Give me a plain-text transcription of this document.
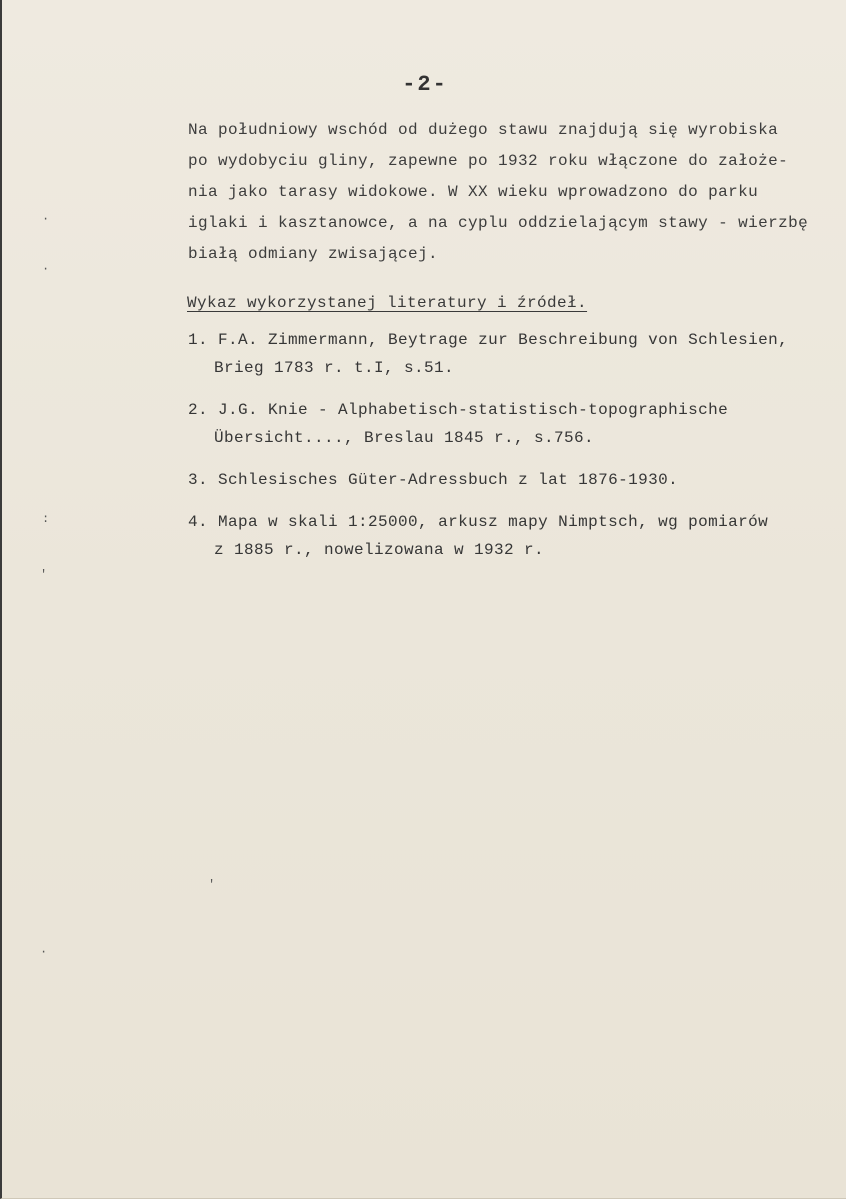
-2-
Na południowy wschód od dużego stawu znajdują się wyrobiska
po wydobyciu gliny, zapewne po 1932 roku włączone do założe-
nia jako tarasy widokowe. W XX wieku wprowadzono do parku
iglaki i kasztanowce, a na cyplu oddzielającym stawy - wierzbę
białą odmiany zwisającej.
Wykaz wykorzystanej literatury i źródeł.
1. F.A. Zimmermann, Beytrage zur Beschreibung von Schlesien,
Brieg 1783 r. t.I, s.51.
2. J.G. Knie - Alphabetisch-statistisch-topographische
Übersicht...., Breslau 1845 r., s.756.
3. Schlesisches Güter-Adressbuch z lat 1876-1930.
4. Mapa w skali 1:25000, arkusz mapy Nimptsch, wg pomiarów
z 1885 r., nowelizowana w 1932 r.
·
·
:
'
'
·
